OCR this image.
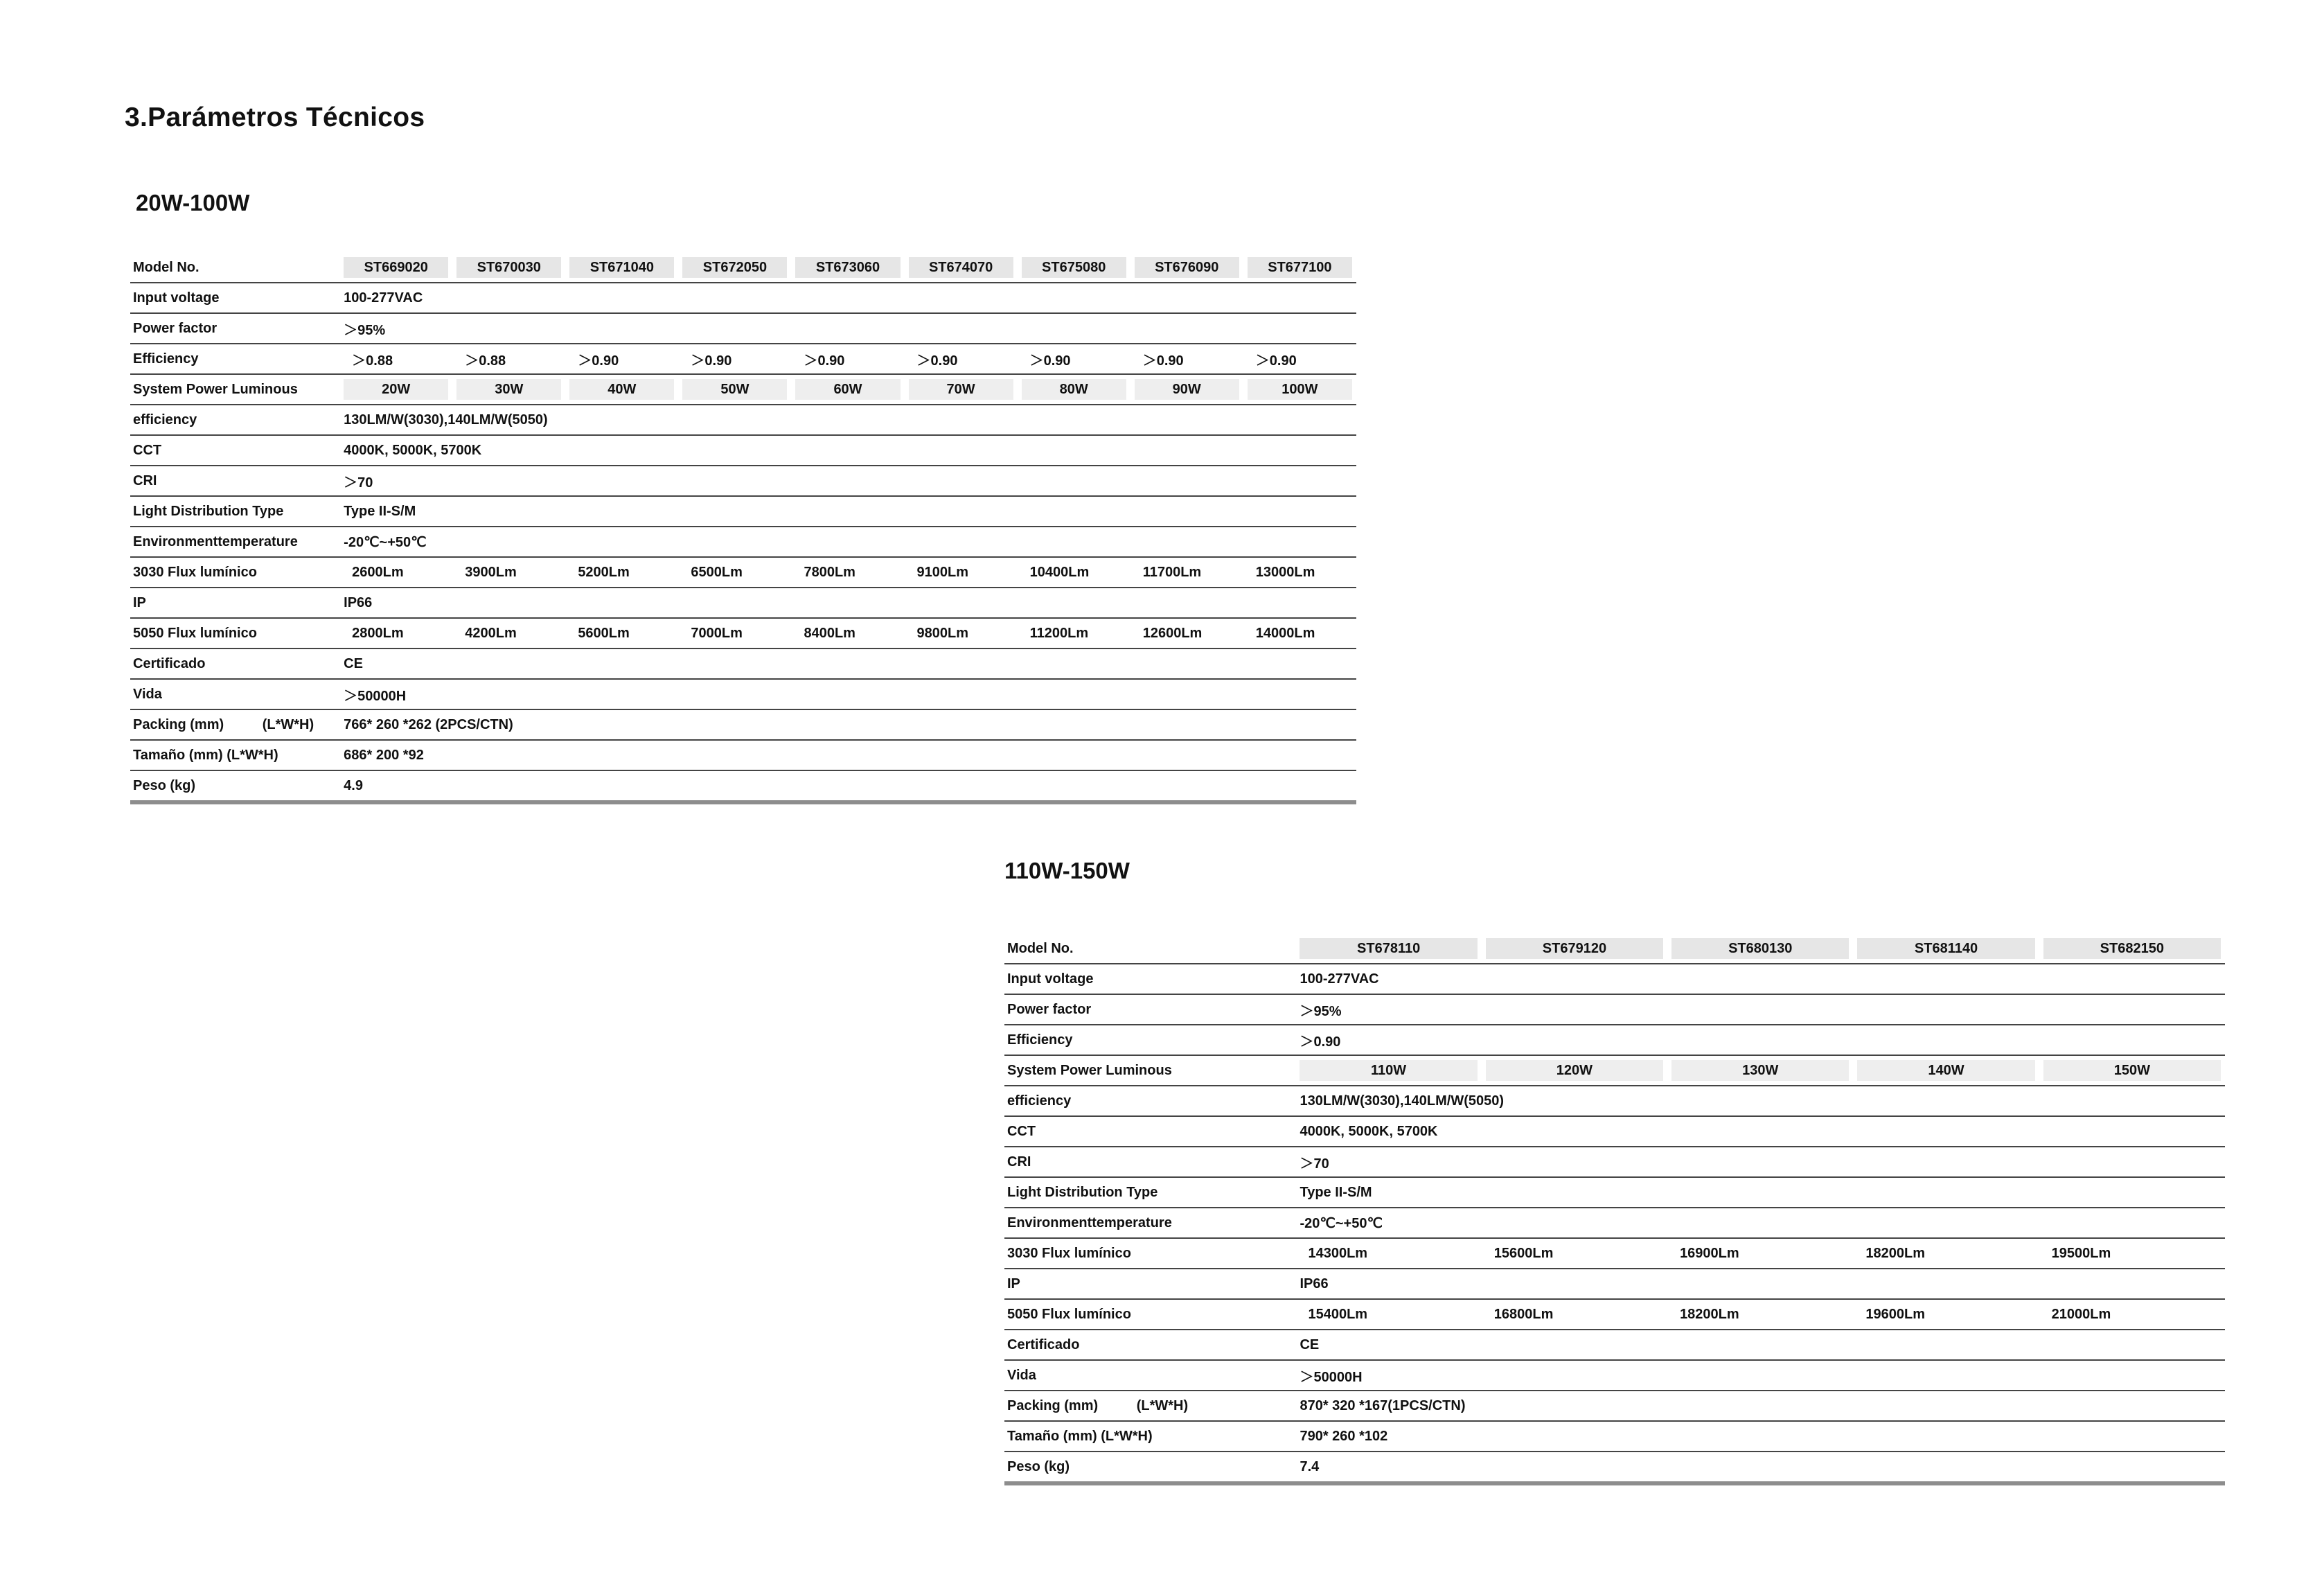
3.Parámetros Técnicos
20W-100W
Model No.	ST669020	ST670030	ST671040	ST672050	ST673060	ST674070	ST675080	ST676090	ST677100

Input voltage	100-277VAC								
Power factor	＞95%								
Efficiency	＞0.88	＞0.88	＞0.90	＞0.90	＞0.90	＞0.90	＞0.90	＞0.90	＞0.90

System Power Luminous	20W	30W	40W	50W	60W	70W	80W	90W	100W

efficiency	130LM/W(3030),140LM/W(5050)								
CCT	4000K, 5000K, 5700K								
CRI	＞70								
Light Distribution Type	Type II-S/M								
Environmenttemperature	-20℃~+50℃								
3030 Flux lumínico	2600Lm	3900Lm	5200Lm	6500Lm	7800Lm	9100Lm	10400Lm	11700Lm	13000Lm

IP	IP66								
5050 Flux lumínico	2800Lm	4200Lm	5600Lm	7000Lm	8400Lm	9800Lm	11200Lm	12600Lm	14000Lm

Certificado	CE								
Vida	＞50000H								
Packing (mm)          (L*W*H)	766* 260 *262 (2PCS/CTN)								
Tamaño (mm) (L*W*H)	686* 200 *92								
Peso (kg)	4.9								
110W-150W
Model No.	ST678110	ST679120	ST680130	ST681140	ST682150

Input voltage	100-277VAC				
Power factor	＞95%				
Efficiency	＞0.90				
System Power Luminous	110W	120W	130W	140W	150W

efficiency	130LM/W(3030),140LM/W(5050)				
CCT	4000K, 5000K, 5700K				
CRI	＞70				
Light Distribution Type	Type II-S/M				
Environmenttemperature	-20℃~+50℃				
3030 Flux lumínico	14300Lm	15600Lm	16900Lm	18200Lm	19500Lm

IP	IP66				
5050 Flux lumínico	15400Lm	16800Lm	18200Lm	19600Lm	21000Lm

Certificado	CE				
Vida	＞50000H				
Packing (mm)          (L*W*H)	870* 320 *167(1PCS/CTN)				
Tamaño (mm) (L*W*H)	790* 260 *102				
Peso (kg)	7.4				
